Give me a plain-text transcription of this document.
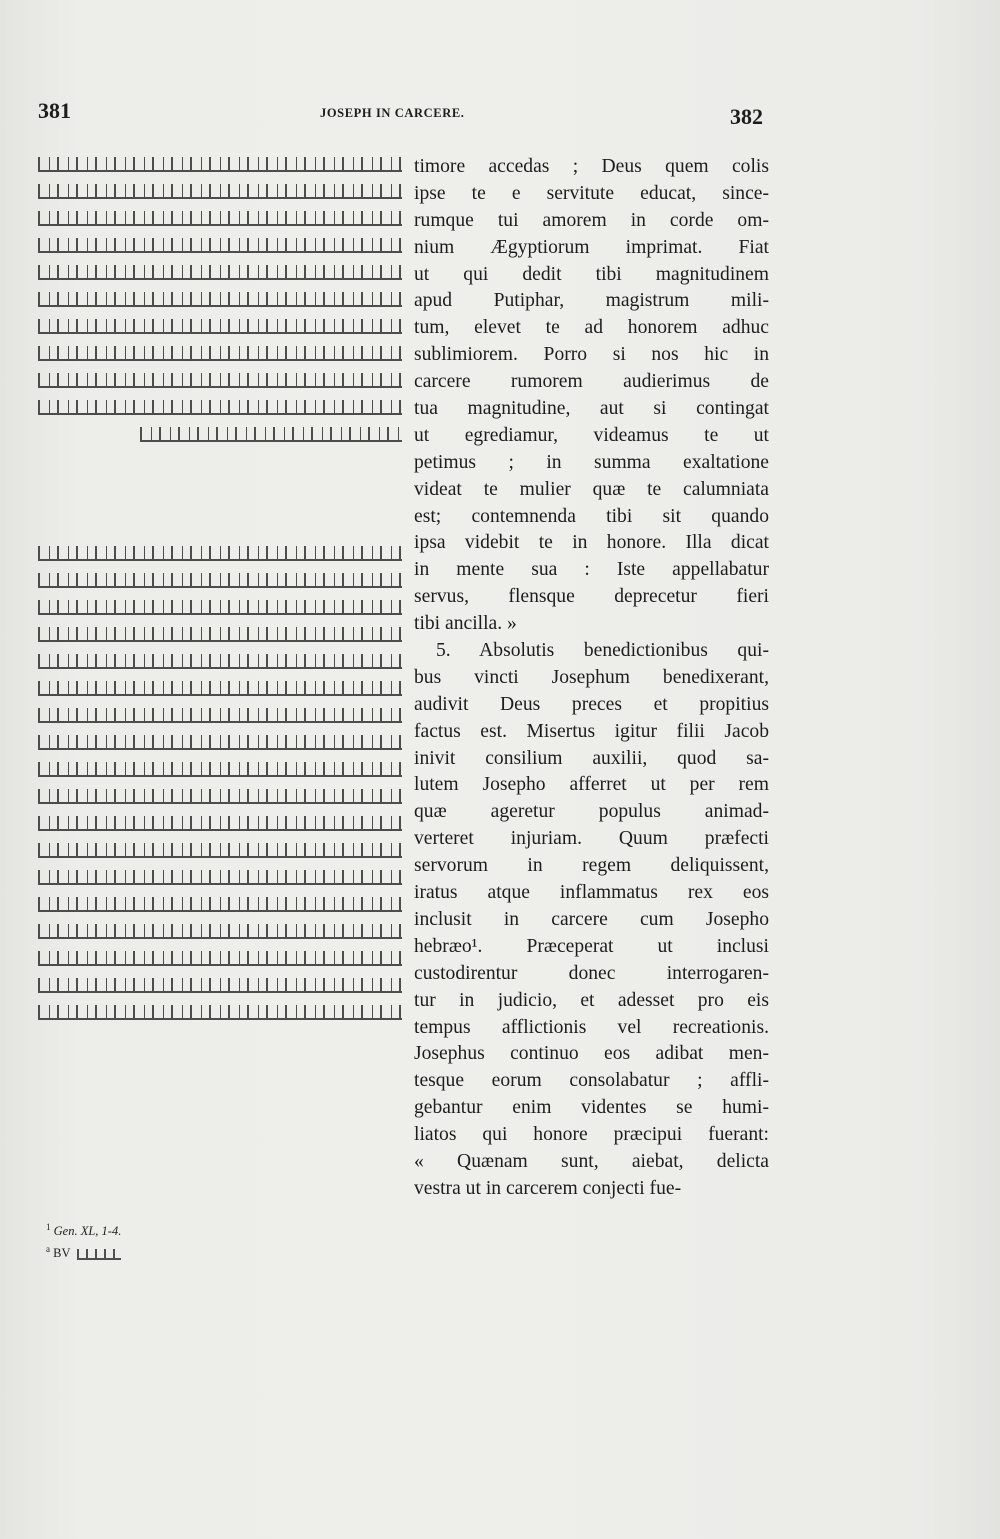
381	JOSEPH IN CARCERE.	382
$^1$ Gen. XL, 1-4.
$^a$ BV
timore accedas ; Deus quem colis
ipse te e servitute educat, since-
rumque tui amorem in corde om-
nium Ægyptiorum imprimat. Fiat
ut qui dedit tibi magnitudinem
apud Putiphar, magistrum mili-
tum, elevet te ad honorem adhuc
sublimiorem. Porro si nos hic in
carcere rumorem audierimus de
tua magnitudine, aut si contingat
ut egrediamur, videamus te ut
petimus ; in summa exaltatione
videat te mulier quæ te calumniata
est; contemnenda tibi sit quando
ipsa videbit te in honore. Illa dicat
in mente sua : Iste appellabatur
servus, flensque deprecetur fieri
tibi ancilla. »
5. Absolutis benedictionibus qui-
bus vincti Josephum benedixerant,
audivit Deus preces et propitius
factus est. Misertus igitur filii Jacob
inivit consilium auxilii, quod sa-
lutem Josepho afferret ut per rem
quæ ageretur populus animad-
verteret injuriam. Quum præfecti
servorum in regem deliquissent,
iratus atque inflammatus rex eos
inclusit in carcere cum Josepho
hebræo¹. Præceperat ut inclusi
custodirentur donec interrogaren-
tur in judicio, et adesset pro eis
tempus afflictionis vel recreationis.
Josephus continuo eos adibat men-
tesque eorum consolabatur ; affli-
gebantur enim videntes se humi-
liatos qui honore præcipui fuerant:
« Quænam sunt, aiebat, delicta
vestra ut in carcerem conjecti fue-
